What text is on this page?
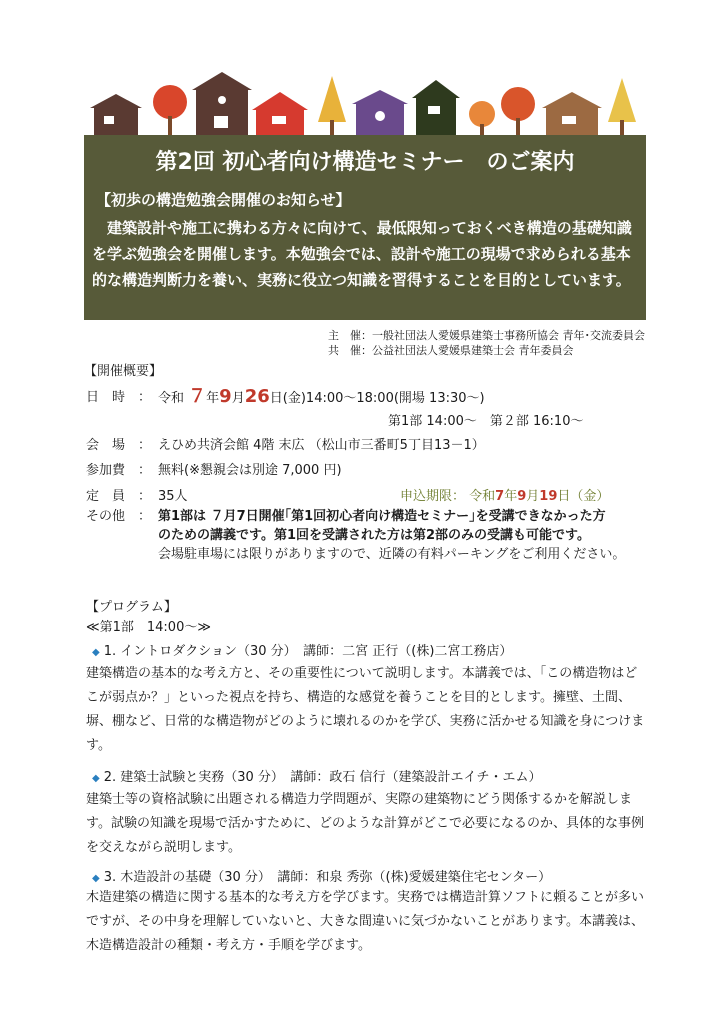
第2回 初心者向け構造セミナー　のご案内
【初歩の構造勉強会開催のお知らせ】
建築設計や施工に携わる方々に向けて、最低限知っておくべき構造の基礎知識を学ぶ勉強会を開催します。本勉強会では、設計や施工の現場で求められる基本的な構造判断力を養い、実務に役立つ知識を習得することを目的としています。
主　催：一般社団法人愛媛県建築士事務所協会 青年･交流委員会
共　催：公益社団法人愛媛県建築士会 青年委員会
【開催概要】
日　時　： 令和 ７年9月26日(金)14:00～18:00(開場 13:30～)
第1部 14:00～　第２部 16:10～
会　場　： えひめ共済会館 4階 末広 （松山市三番町5丁目13－1）
参加費　： 無料(※懇親会は別途 7,000 円)
定　員　： 35人	申込期限： 令和7年9月19日（金）
その他　： 第1部は ７月7日開催｢第1回初心者向け構造セミナー｣を受講できなかった方
のための講義です。第1回を受講された方は第2部のみの受講も可能です。
会場駐車場には限りがありますので、近隣の有料パーキングをご利用ください。
【プログラム】
≪第1部　14:00～≫
◆ 1. イントロダクション（30 分）　講師：二宮 正行（(株)二宮工務店）
建築構造の基本的な考え方と、その重要性について説明します。本講義では、「この構造物はどこが弱点か？」といった視点を持ち、構造的な感覚を養うことを目的とします。擁壁、土間、塀、棚など、日常的な構造物がどのように壊れるのかを学び、実務に活かせる知識を身につけます。
◆ 2. 建築士試験と実務（30 分）　講師：政石 信行（建築設計エイチ・エム）
建築士等の資格試験に出題される構造力学問題が、実際の建築物にどう関係するかを解説します。試験の知識を現場で活かすために、どのような計算がどこで必要になるのか、具体的な事例を交えながら説明します。
◆ 3. 木造設計の基礎（30 分）　講師：和泉 秀弥（(株)愛媛建築住宅センター）
木造建築の構造に関する基本的な考え方を学びます。実務では構造計算ソフトに頼ることが多いですが、その中身を理解していないと、大きな間違いに気づかないことがあります。本講義は、木造構造設計の種類・考え方・手順を学びます。
